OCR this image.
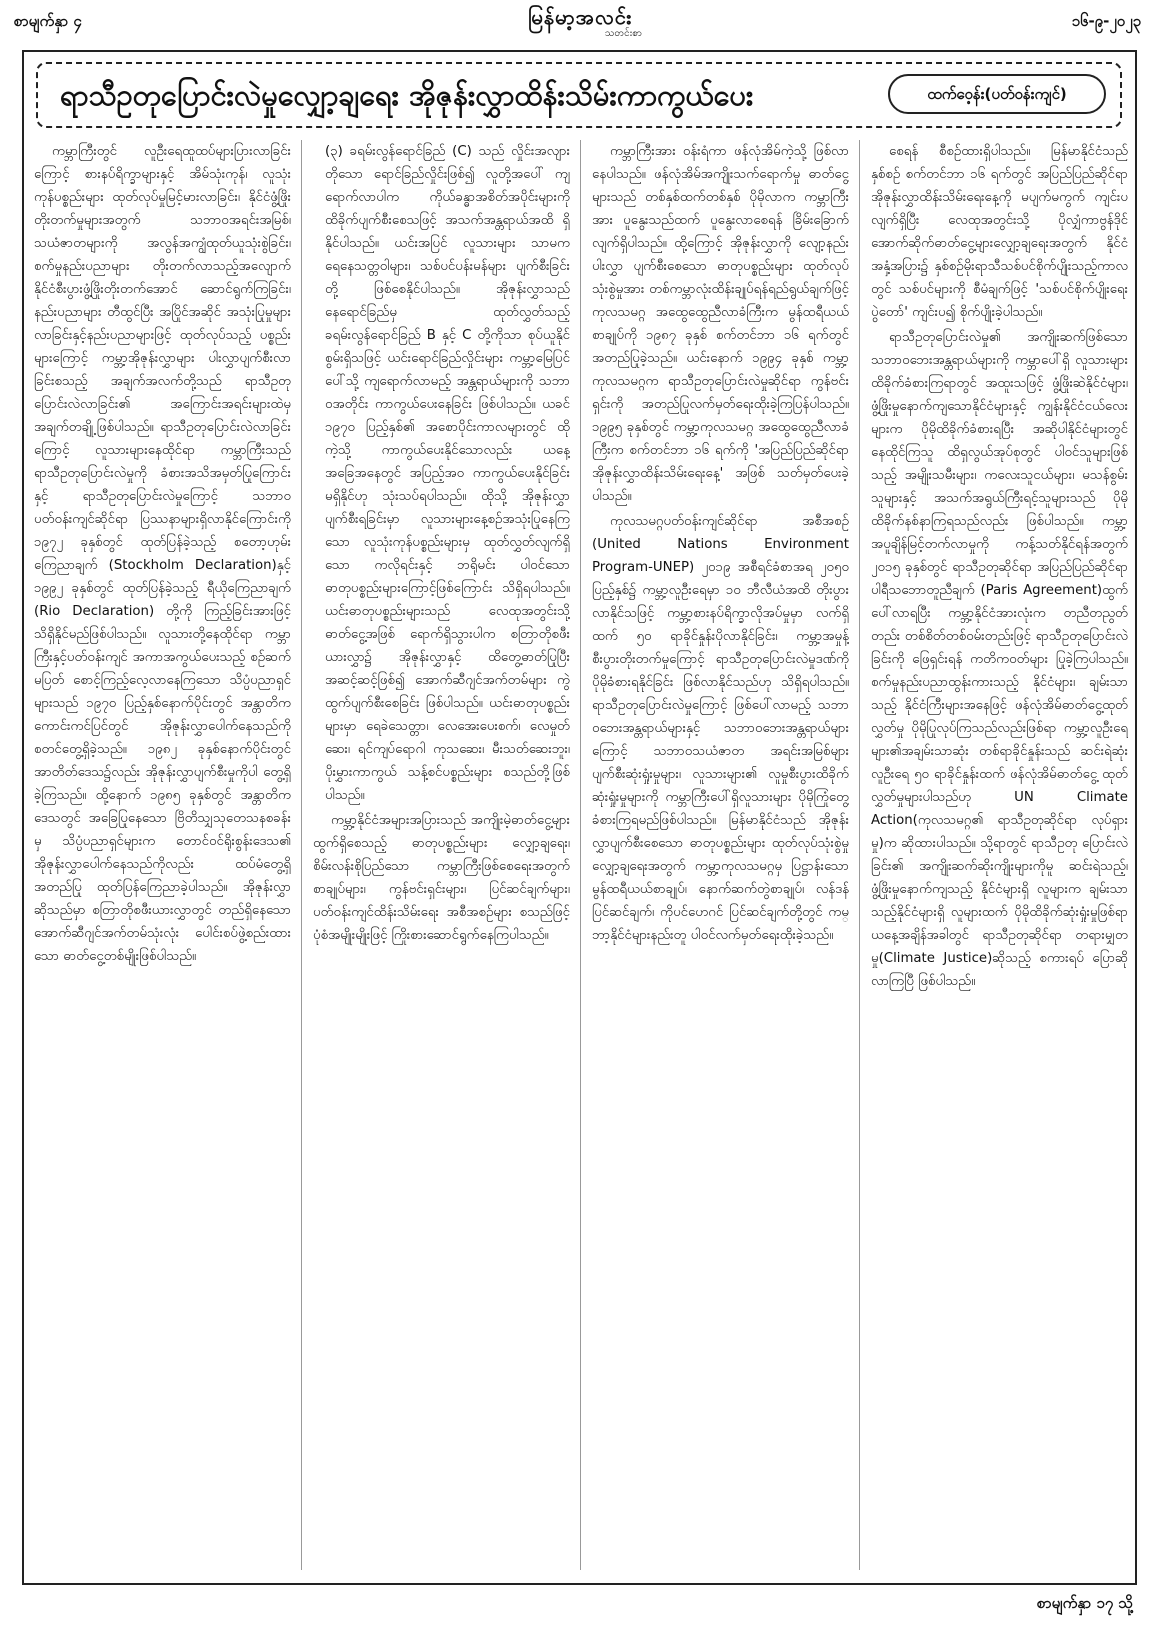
စာမျက်နှာ ၄	မြန်မာ့အလင်း
သတင်းစာ
၁၆-၉-၂၀၂၃
ရာသီဥတုပြောင်းလဲမှုလျှော့ချရေး အိုဇုန်းလွှာထိန်းသိမ်းကာကွယ်ပေး	ထက်ဝေ့န်း(ပတ်ဝန်းကျင်)

ကမ္ဘာကြီးတွင် လူဦးရေထူထပ်များပြားလာခြင်းကြောင့် စားနပ်ရိက္ခာများနှင့် အိမ်သုံးကုန်၊ လူသုံးကုန်ပစ္စည်းများ ထုတ်လုပ်မှုမြင့်မားလာခြင်း၊ နိုင်ငံဖွံ့ဖြိုးတိုးတက်မှုများအတွက် သဘာဝအရင်းအမြစ်၊ သယံဇာတများကို အလွန်အကျွံထုတ်ယူသုံးစွဲခြင်း၊ စက်မှုနည်းပညာများ တိုးတက်လာသည့်အလျောက် နိုင်ငံစီးပွားဖွံ့ဖြိုးတိုးတက်အောင် ဆောင်ရွက်ကြခြင်း၊ နည်းပညာများ တီထွင်ပြီး အပြိုင်အဆိုင် အသုံးပြုမှုများလာခြင်းနှင့်နည်းပညာများဖြင့် ထုတ်လုပ်သည့် ပစ္စည်းများကြောင့် ကမ္ဘာ့အိုဇုန်းလွှာများ ပါးလွှာပျက်စီးလာခြင်းစသည့် အချက်အလက်တို့သည် ရာသီဥတု ပြောင်းလဲလာခြင်း၏ အကြောင်းအရင်းများထဲမှ အချက်တချို့ဖြစ်ပါသည်။ ရာသီဥတုပြောင်းလဲလာခြင်းကြောင့် လူသားများနေထိုင်ရာ ကမ္ဘာကြီးသည် ရာသီဥတုပြောင်းလဲမှုကို ခံစားအသိအမှတ်ပြုကြောင်းနှင့် ရာသီဥတုပြောင်းလဲမှုကြောင့် သဘာဝပတ်ဝန်းကျင်ဆိုင်ရာ ပြဿနာများရှိလာနိုင်ကြောင်းကို ၁၉၇၂ ခုနှစ်တွင် ထုတ်ပြန်ခဲ့သည့် စတော့ဟုမ်းကြေညာချက် (Stockholm Declaration)နှင့် ၁၉၉၂ ခုနှစ်တွင် ထုတ်ပြန်ခဲ့သည့် ရီယိုကြေညာချက် (Rio Declaration) တို့ကို ကြည့်ခြင်းအားဖြင့် သိရှိနိုင်မည်ဖြစ်ပါသည်။ လူသားတို့နေထိုင်ရာ ကမ္ဘာကြီးနှင့်ပတ်ဝန်းကျင် အကာအကွယ်ပေးသည့် စဉ်ဆက်မပြတ် စောင့်ကြည့်လေ့လာနေကြသော သိပ္ပံပညာရှင်များသည် ၁၉၇၀ ပြည့်နှစ်နောက်ပိုင်းတွင် အန္တာတိက ကောင်းကင်ပြင်တွင် အိုဇုန်းလွှာပေါက်နေသည်ကို စတင်တွေ့ရှိခဲ့သည်။ ၁၉၈၂ ခုနှစ်နောက်ပိုင်းတွင် အာတိတ်ဒေသ၌လည်း အိုဇုန်းလွှာပျက်စီးမှုကိုပါ တွေ့ရှိခဲ့ကြသည်။ ထို့နောက် ၁၉၈၅ ခုနှစ်တွင် အန္တာတိကဒေသတွင် အခြေပြုနေသော ဗြိတိသျှသုတေသနစခန်းမှ သိပ္ပံပညာရှင်များက တောင်ဝင်ရိုးစွန်းဒေသ၏ အိုဇုန်းလွှာပေါက်နေသည်ကိုလည်း ထပ်မံတွေ့ရှိ အတည်ပြု ထုတ်ပြန်ကြေညာခဲ့ပါသည်။ အိုဇုန်းလွှာဆိုသည်မှာ စတြာတိုစဖီးယားလွှာတွင် တည်ရှိနေသော အောက်ဆီဂျင်အက်တမ်သုံးလုံး ပေါင်းစပ်ဖွဲ့စည်းထားသော ဓာတ်ငွေ့တစ်မျိုးဖြစ်ပါသည်။

(၃) ခရမ်းလွန်ရောင်ခြည် (C) သည် လှိုင်းအလျားတိုသော ရောင်ခြည်လှိုင်းဖြစ်၍ လူတို့အပေါ် ကျရောက်လာပါက ကိုယ်ခန္ဓာအစိတ်အပိုင်းများကို ထိခိုက်ပျက်စီးစေသဖြင့် အသက်အန္တရာယ်အထိ ရှိနိုင်ပါသည်။ ယင်းအပြင် လူသားများ သာမက ရေနေသတ္တဝါများ၊ သစ်ပင်ပန်းမန်များ ပျက်စီးခြင်းတို့ ဖြစ်စေနိုင်ပါသည်။ အိုဇုန်းလွှာသည် နေရောင်ခြည်မှ ထုတ်လွှတ်သည့် ခရမ်းလွန်ရောင်ခြည် B နှင့် C တို့ကိုသာ စုပ်ယူနိုင်စွမ်းရှိသဖြင့် ယင်းရောင်ခြည်လှိုင်းများ ကမ္ဘာ့မြေပြင်ပေါ်သို့ ကျရောက်လာမည့် အန္တရာယ်များကို သဘာဝအတိုင်း ကာကွယ်ပေးနေခြင်း ဖြစ်ပါသည်။ ယခင် ၁၉၇၀ ပြည့်နှစ်၏ အစောပိုင်းကာလများတွင် ထိုကဲ့သို့ ကာကွယ်ပေးနိုင်သောလည်း ယနေ့အခြေအနေတွင် အပြည့်အဝ ကာကွယ်ပေးနိုင်ခြင်း မရှိနိုင်ဟု သုံးသပ်ရပါသည်။ ထိုသို့ အိုဇုန်းလွှာပျက်စီးရခြင်းမှာ လူသားများနေ့စဉ်အသုံးပြုနေကြသော လူသုံးကုန်ပစ္စည်းများမှ ထုတ်လွှတ်လျက်ရှိသော ကလိုရင်းနှင့် ဘရိုမင်း ပါဝင်သော ဓာတုပစ္စည်းများကြောင့်ဖြစ်ကြောင်း သိရှိရပါသည်။ ယင်းဓာတုပစ္စည်းများသည် လေထုအတွင်းသို့ ဓာတ်ငွေ့အဖြစ် ရောက်ရှိသွားပါက စတြာတိုစဖီးယားလွှာ၌ အိုဇုန်းလွှာနှင့် ထိတွေ့ဓာတ်ပြုပြီး အဆင့်ဆင့်ဖြစ်၍ အောက်ဆီဂျင်အက်တမ်များ ကွဲထွက်ပျက်စီးစေခြင်း ဖြစ်ပါသည်။ ယင်းဓာတုပစ္စည်းများမှာ ရေခဲသေတ္တာ၊ လေအေးပေးစက်၊ လေမှုတ်ဆေး၊ ရင်ကျပ်ရောဂါ ကုသဆေး၊ မီးသတ်ဆေးဘူး၊ ပိုးမွှားကာကွယ် သန့်စင်ပစ္စည်းများ စသည်တို့ဖြစ်ပါသည်။

ကမ္ဘာ့နိုင်ငံအများအပြားသည် အကျိုးမဲ့ဓာတ်ငွေ့များ ထွက်ရှိစေသည့် ဓာတုပစ္စည်းများ လျှော့ချရေး၊ စိမ်းလန်းစိုပြည်သော ကမ္ဘာကြီးဖြစ်စေရေးအတွက် စာချုပ်များ၊ ကွန်ဗင်းရှင်းများ၊ ပြင်ဆင်ချက်များ၊ ပတ်ဝန်းကျင်ထိန်းသိမ်းရေး အစီအစဉ်များ စသည်ဖြင့် ပုံစံအမျိုးမျိုးဖြင့် ကြိုးစားဆောင်ရွက်နေကြပါသည်။

ကမ္ဘာကြီးအား ဝန်းရံကာ ဖန်လုံအိမ်ကဲ့သို့ ဖြစ်လာနေပါသည်။ ဖန်လုံအိမ်အကျိုးသက်ရောက်မှု ဓာတ်ငွေ့များသည် တစ်နှစ်ထက်တစ်နှစ် ပိုမိုလာက ကမ္ဘာကြီးအား ပူနွေးသည်ထက် ပူနွေးလာစေရန် ခြိမ်းခြောက်လျက်ရှိပါသည်။ ထို့ကြောင့် အိုဇုန်းလွှာကို လျော့နည်းပါးလွှာ ပျက်စီးစေသော ဓာတုပစ္စည်းများ ထုတ်လုပ်သုံးစွဲမှုအား တစ်ကမ္ဘာလုံးထိန်းချုပ်ရန်ရည်ရွယ်ချက်ဖြင့် ကုလသမဂ္ဂ အထွေထွေညီလာခံကြီးက မွန်ထရီယယ်စာချုပ်ကို ၁၉၈၇ ခုနှစ် စက်တင်ဘာ ၁၆ ရက်တွင် အတည်ပြုခဲ့သည်။ ယင်းနောက် ၁၉၉၄ ခုနှစ် ကမ္ဘာ့ကုလသမဂ္ဂက ရာသီဥတုပြောင်းလဲမှုဆိုင်ရာ ကွန်ဗင်းရှင်းကို အတည်ပြုလက်မှတ်ရေးထိုးခဲ့ကြပြန်ပါသည်။ ၁၉၉၅ ခုနှစ်တွင် ကမ္ဘာ့ကုလသမဂ္ဂ အထွေထွေညီလာခံကြီးက စက်တင်ဘာ ၁၆ ရက်ကို 'အပြည်ပြည်ဆိုင်ရာ အိုဇုန်းလွှာထိန်းသိမ်းရေးနေ့' အဖြစ် သတ်မှတ်ပေးခဲ့ပါသည်။

ကုလသမဂ္ဂပတ်ဝန်းကျင်ဆိုင်ရာ အစီအစဉ် (United Nations Environment Program-UNEP) ၂၀၁၉ အစီရင်ခံစာအရ ၂၀၅၀ ပြည့်နှစ်၌ ကမ္ဘာ့လူဦးရေမှာ ၁၀ ဘီလီယံအထိ တိုးပွားလာနိုင်သဖြင့် ကမ္ဘာ့စားနပ်ရိက္ခာလိုအပ်မှုမှာ လက်ရှိထက် ၅၀ ရာခိုင်နှုန်းပိုလာနိုင်ခြင်း၊ ကမ္ဘာ့အမှုန့်စီးပွားတိုးတက်မှုကြောင့် ရာသီဥတုပြောင်းလဲမှုဒဏ်ကို ပိုမိုခံစားရနိုင်ခြင်း ဖြစ်လာနိုင်သည်ဟု သိရှိရပါသည်။ ရာသီဥတုပြောင်းလဲမှုကြောင့် ဖြစ်ပေါ်လာမည့် သဘာဝဘေးအန္တရာယ်များနှင့် သဘာဝဘေးအန္တရာယ်များကြောင့် သဘာဝသယံဇာတ အရင်းအမြစ်များ ပျက်စီးဆုံးရှုံးမှုများ၊ လူသားများ၏ လူမှုစီးပွားထိခိုက်ဆုံးရှုံးမှုများကို ကမ္ဘာကြီးပေါ်ရှိလူသားများ ပိုမိုကြုံတွေ့ ခံစားကြရမည်ဖြစ်ပါသည်။ မြန်မာနိုင်ငံသည် အိုဇုန်းလွှာပျက်စီးစေသော ဓာတုပစ္စည်းများ ထုတ်လုပ်သုံးစွဲမှု လျှော့ချရေးအတွက် ကမ္ဘာ့ကုလသမဂ္ဂမှ ပြဋ္ဌာန်းသော မွန်ထရီယယ်စာချုပ်၊ နောက်ဆက်တွဲစာချုပ်၊ လန်ဒန်ပြင်ဆင်ချက်၊ ကိုပင်ဟေဂင် ပြင်ဆင်ချက်တို့တွင် ကမ္ဘာ့နိုင်ငံများနည်းတူ ပါဝင်လက်မှတ်ရေးထိုးခဲ့သည်။

စေရန် စီစဉ်ထားရှိပါသည်။ မြန်မာနိုင်ငံသည် နှစ်စဉ် စက်တင်ဘာ ၁၆ ရက်တွင် အပြည်ပြည်ဆိုင်ရာ အိုဇုန်းလွှာထိန်းသိမ်းရေးနေ့ကို မပျက်မကွက် ကျင်းပလျက်ရှိပြီး လေထုအတွင်းသို့ ပိုလျှံကာဗွန်ဒိုင်အောက်ဆိုက်ဓာတ်ငွေ့များလျှော့ချရေးအတွက် နိုင်ငံအနှံ့အပြား၌ နှစ်စဉ်မိုးရာသီသစ်ပင်စိုက်ပျိုးသည့်ကာလတွင် သစ်ပင်များကို စီမံချက်ဖြင့် 'သစ်ပင်စိုက်ပျိုးရေးပွဲတော်' ကျင်းပ၍ စိုက်ပျိုးခဲ့ပါသည်။

ရာသီဥတုပြောင်းလဲမှု၏ အကျိုးဆက်ဖြစ်သော သဘာဝဘေးအန္တရာယ်များကို ကမ္ဘာပေါ်ရှိ လူသားများ ထိခိုက်ခံစားကြရာတွင် အထူးသဖြင့် ဖွံ့ဖြိုးဆဲနိုင်ငံများ၊ ဖွံ့ဖြိုးမှုနောက်ကျသောနိုင်ငံများနှင့် ကျွန်းနိုင်ငံငယ်လေးများက ပိုမိုထိခိုက်ခံစားရပြီး အဆိုပါနိုင်ငံများတွင် နေထိုင်ကြသူ ထိရှလွယ်အုပ်စုတွင် ပါဝင်သူများဖြစ်သည့် အမျိုးသမီးများ၊ ကလေးသူငယ်များ၊ မသန်စွမ်းသူများနှင့် အသက်အရွယ်ကြီးရင့်သူများသည် ပိုမိုထိခိုက်နစ်နာကြရသည်လည်း ဖြစ်ပါသည်။ ကမ္ဘာ့အပူချိန်မြင့်တက်လာမှုကို ကန့်သတ်နိုင်ရန်အတွက် ၂၀၁၅ ခုနှစ်တွင် ရာသီဥတုဆိုင်ရာ အပြည်ပြည်ဆိုင်ရာ ပါရီသဘောတူညီချက် (Paris Agreement)ထွက်ပေါ်လာရပြီး ကမ္ဘာ့နိုင်ငံအားလုံးက တညီတညွတ်တည်း တစ်စိတ်တစ်ဝမ်းတည်းဖြင့် ရာသီဥတုပြောင်းလဲခြင်းကို ဖြေရှင်းရန် ကတိကဝတ်များ ပြုခဲ့ကြပါသည်။ စက်မှုနည်းပညာထွန်းကားသည့် နိုင်ငံများ၊ ချမ်းသာသည့် နိုင်ငံကြီးများအနေဖြင့် ဖန်လုံအိမ်ဓာတ်ငွေ့ထုတ်လွှတ်မှု ပိုမိုပြုလုပ်ကြသည်လည်းဖြစ်ရာ ကမ္ဘာ့လူဦးရေများ၏အချမ်းသာဆုံး တစ်ရာခိုင်နှုန်းသည် ဆင်းရဲဆုံးလူဦးရေ ၅၀ ရာခိုင်နှုန်းထက် ဖန်လုံအိမ်ဓာတ်ငွေ့ ထုတ်လွှတ်မှုများပါသည်ဟု UN Climate Action(ကုလသမဂ္ဂ၏ ရာသီဥတုဆိုင်ရာ လုပ်ရှားမှု)က ဆိုထားပါသည်။ သို့ရာတွင် ရာသီဥတု ပြောင်းလဲခြင်း၏ အကျိုးဆက်ဆိုးကျိုးများကိုမူ ဆင်းရဲသည့်၊ ဖွံ့ဖြိုးမှုနောက်ကျသည့် နိုင်ငံများရှိ လူများက ချမ်းသာသည့်နိုင်ငံများရှိ လူများထက် ပိုမိုထိခိုက်ဆုံးရှုံးမှုဖြစ်ရာ ယနေ့အချိန်အခါတွင် ရာသီဥတုဆိုင်ရာ တရားမျှတမှု(Climate Justice)ဆိုသည့် စကားရပ် ပြောဆိုလာကြပြီ ဖြစ်ပါသည်။

စာမျက်နှာ ၁၇ သို့
